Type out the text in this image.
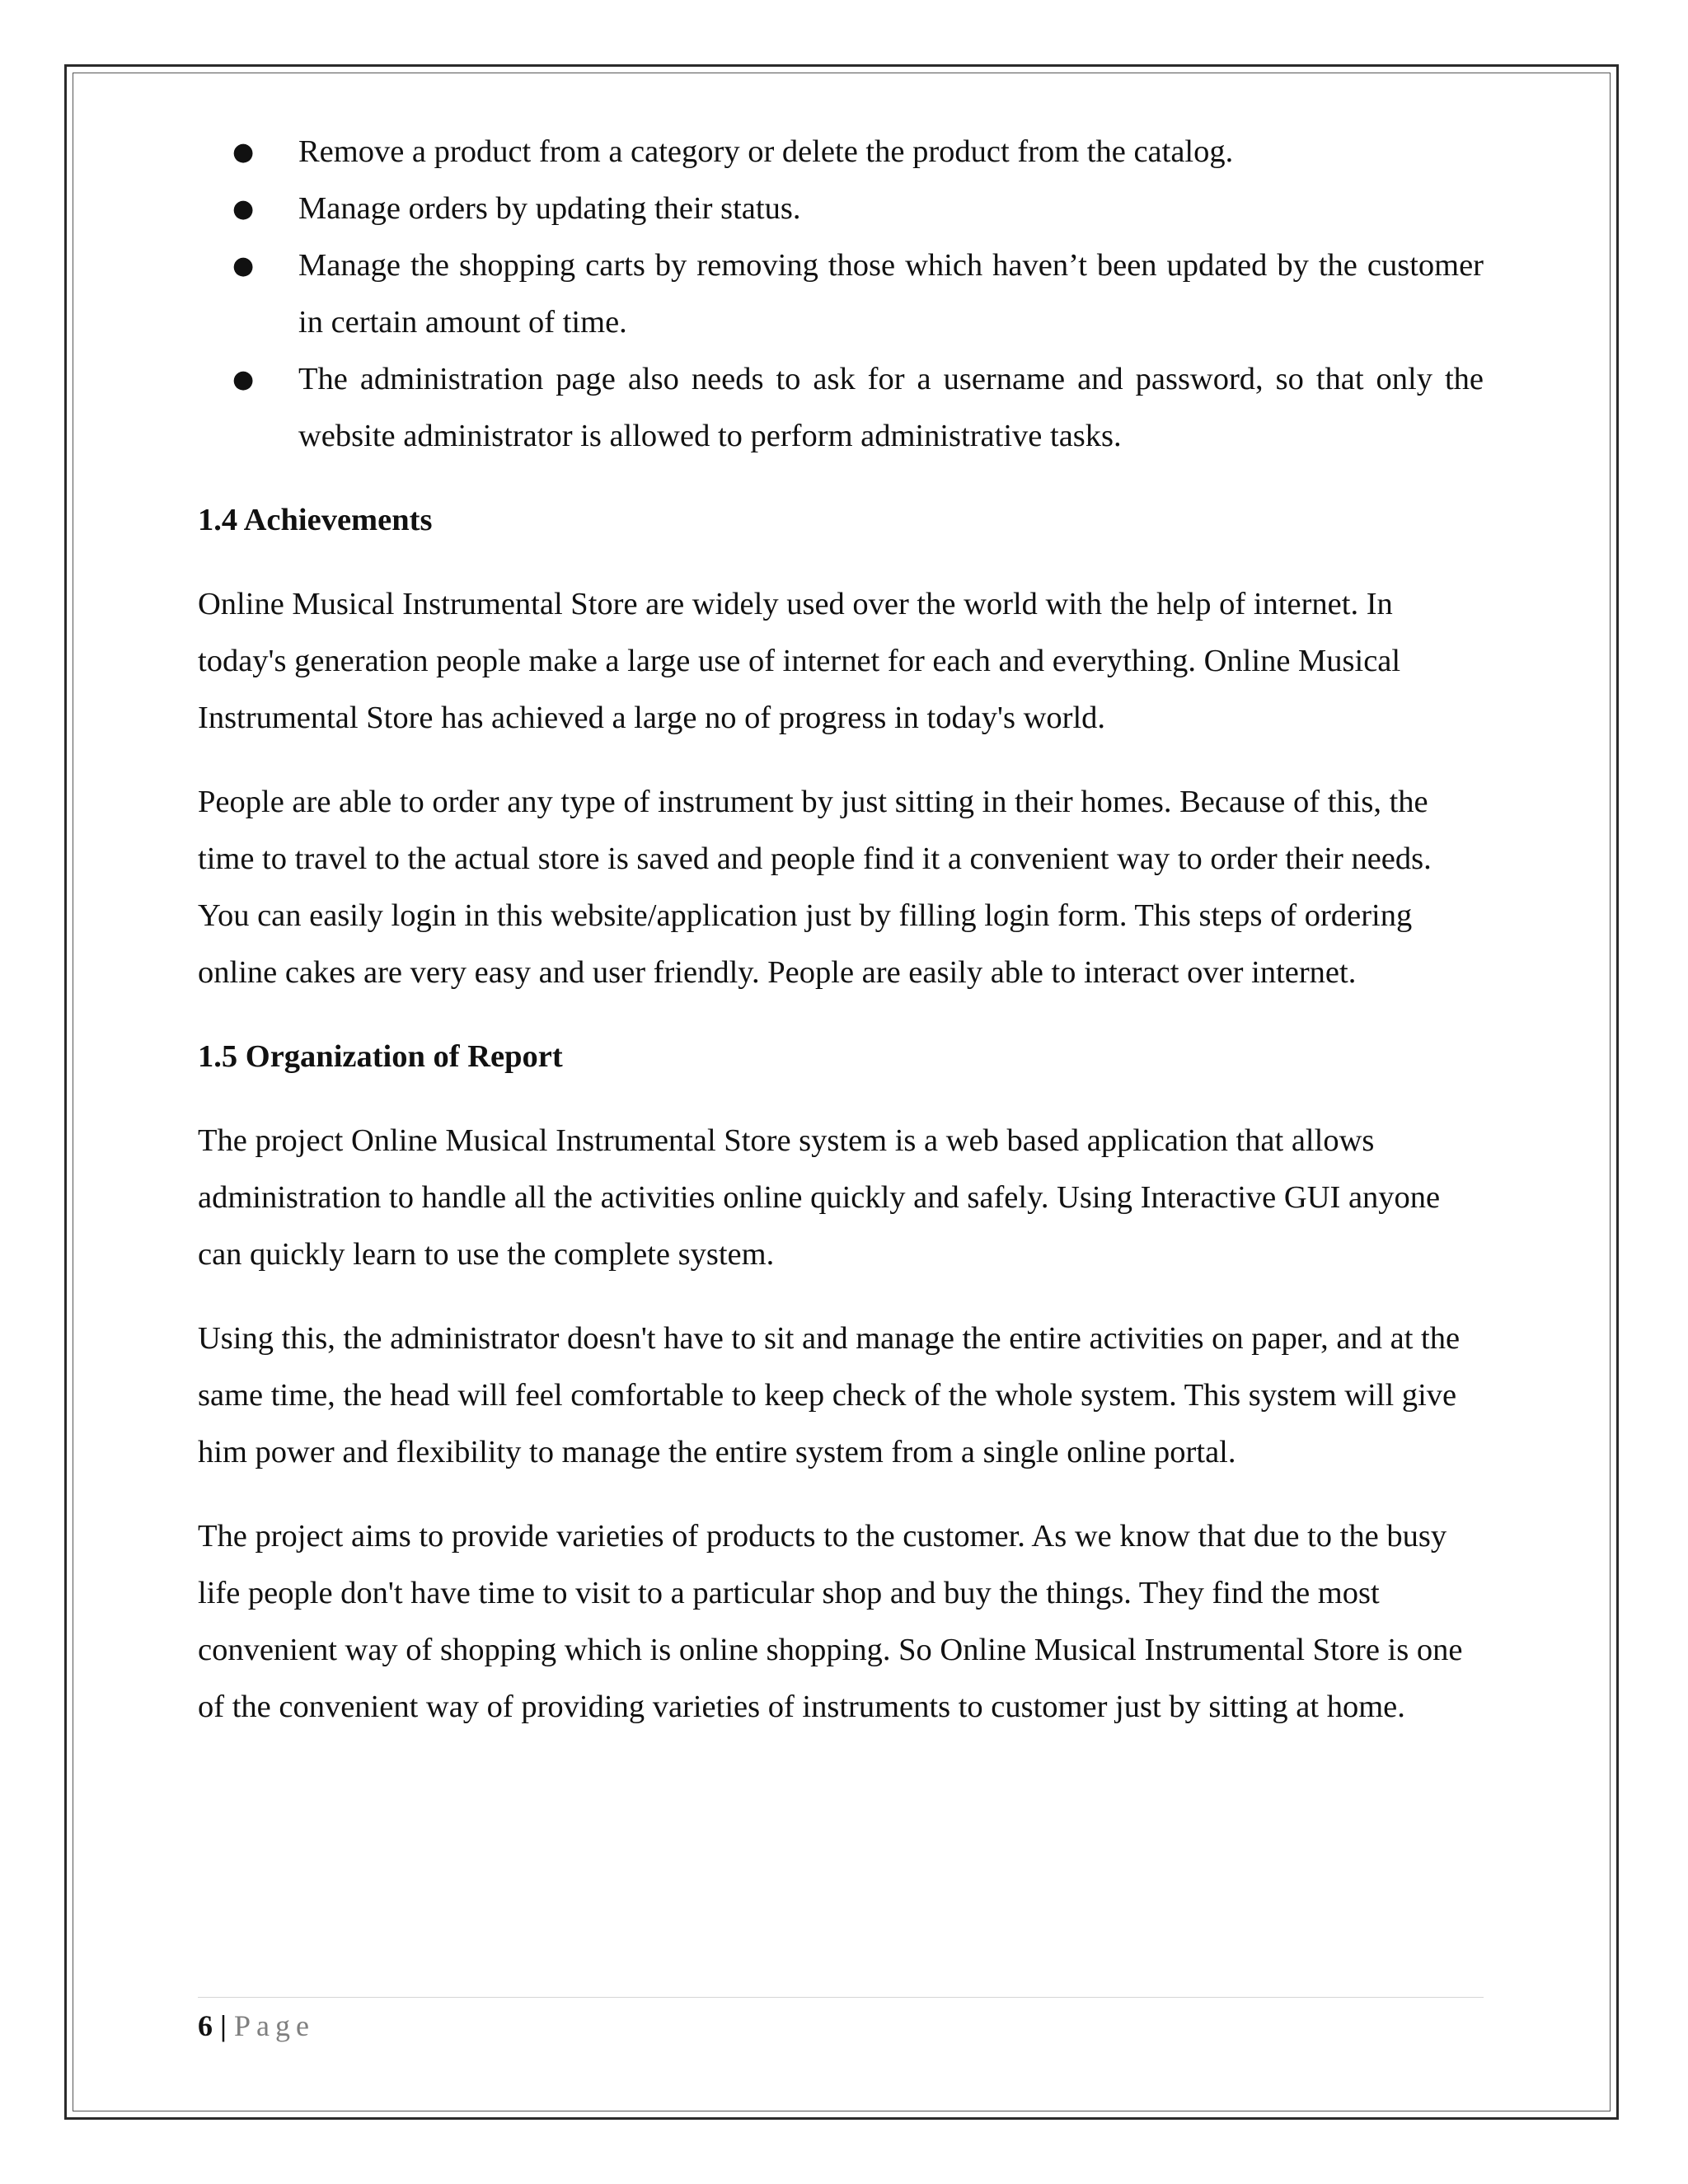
● Remove a product from a category or delete the product from the catalog.
● Manage orders by updating their status.
● Manage the shopping carts by removing those which haven’t been updated by the customer in certain amount of time.
● The administration page also needs to ask for a username and password, so that only the website administrator is allowed to perform administrative tasks.
1.4 Achievements

Online Musical Instrumental Store are widely used over the world with the help of internet. In today's generation people make a large use of internet for each and everything. Online Musical Instrumental Store has achieved a large no of progress in today's world.

People are able to order any type of instrument by just sitting in their homes. Because of this, the time to travel to the actual store is saved and people find it a convenient way to order their needs. You can easily login in this website/application just by filling login form. This steps of ordering online cakes are very easy and user friendly. People are easily able to interact over internet.

1.5 Organization of Report

The project Online Musical Instrumental Store system is a web based application that allows administration to handle all the activities online quickly and safely. Using Interactive GUI anyone can quickly learn to use the complete system.

Using this, the administrator doesn't have to sit and manage the entire activities on paper, and at the same time, the head will feel comfortable to keep check of the whole system. This system will give him power and flexibility to manage the entire system from a single online portal.

The project aims to provide varieties of products to the customer. As we know that due to the busy life people don't have time to visit to a particular shop and buy the things. They find the most convenient way of shopping which is online shopping. So Online Musical Instrumental Store is one of the convenient way of providing varieties of instruments to customer just by sitting at home.

6 | Page
